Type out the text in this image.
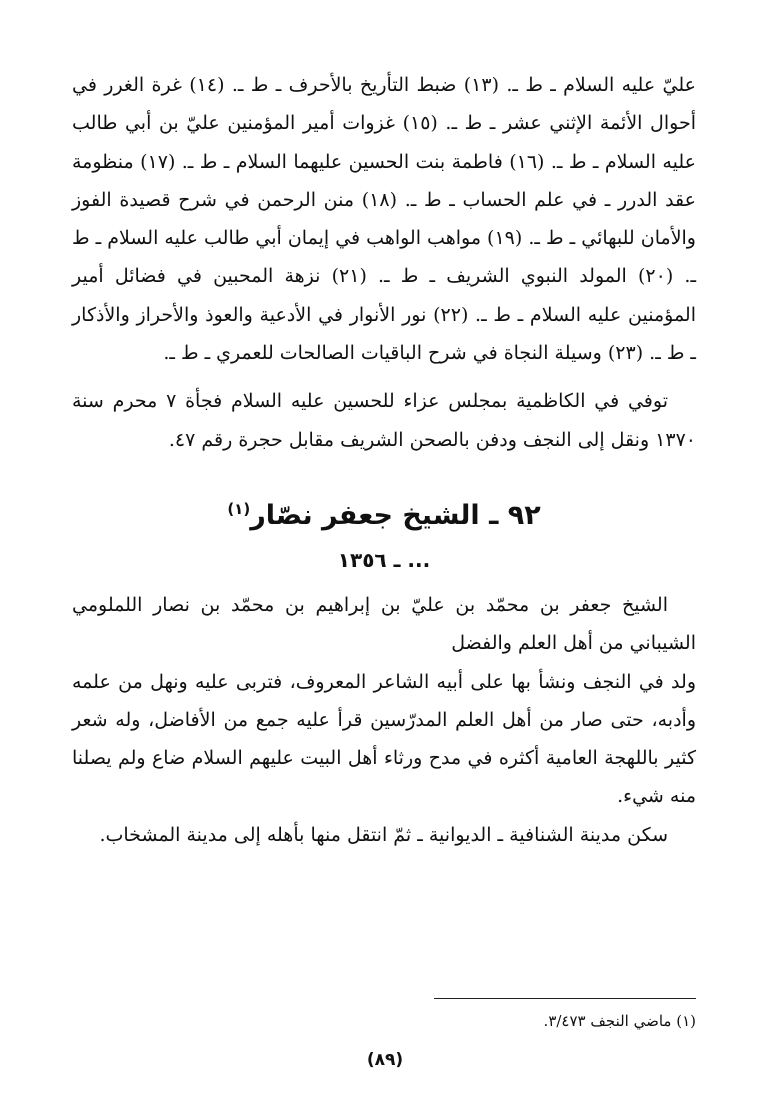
عليّ عليه السلام ـ ط ـ. (١٣) ضبط التأريخ بالأحرف ـ ط ـ. (١٤) غرة الغرر في أحوال الأئمة الإثني عشر ـ ط ـ. (١٥) غزوات أمير المؤمنين عليّ بن أبي طالب عليه السلام ـ ط ـ. (١٦) فاطمة بنت الحسين عليهما السلام ـ ط ـ. (١٧) منظومة عقد الدرر ـ في علم الحساب ـ ط ـ. (١٨) منن الرحمن في شرح قصيدة الفوز والأمان للبهائي ـ ط ـ. (١٩) مواهب الواهب في إيمان أبي طالب عليه السلام ـ ط ـ. (٢٠) المولد النبوي الشريف ـ ط ـ. (٢١) نزهة المحبين في فضائل أمير المؤمنين عليه السلام ـ ط ـ. (٢٢) نور الأنوار في الأدعية والعوذ والأحراز والأذكار ـ ط ـ. (٢٣) وسيلة النجاة في شرح الباقيات الصالحات للعمري ـ ط ـ.

توفي في الكاظمية بمجلس عزاء للحسين عليه السلام فجأة ٧ محرم سنة ١٣٧٠ ونقل إلى النجف ودفن بالصحن الشريف مقابل حجرة رقم ٤٧.

٩٢ ـ الشيخ جعفر نصّار$^{(١)}$
... ـ ١٣٥٦

الشيخ جعفر بن محمّد بن عليّ بن إبراهيم بن محمّد بن نصار اللملومي الشيباني من أهل العلم والفضل

ولد في النجف ونشأ بها على أبيه الشاعر المعروف، فتربى عليه ونهل من علمه وأدبه، حتى صار من أهل العلم المدرّسين قرأ عليه جمع من الأفاضل، وله شعر كثير باللهجة العامية أكثره في مدح ورثاء أهل البيت عليهم السلام ضاع ولم يصلنا منه شيء.

سكن مدينة الشنافية ـ الديوانية ـ ثمّ انتقل منها بأهله إلى مدينة المشخاب.

(١) ماضي النجف ٣/٤٧٣.
(٨٩)
